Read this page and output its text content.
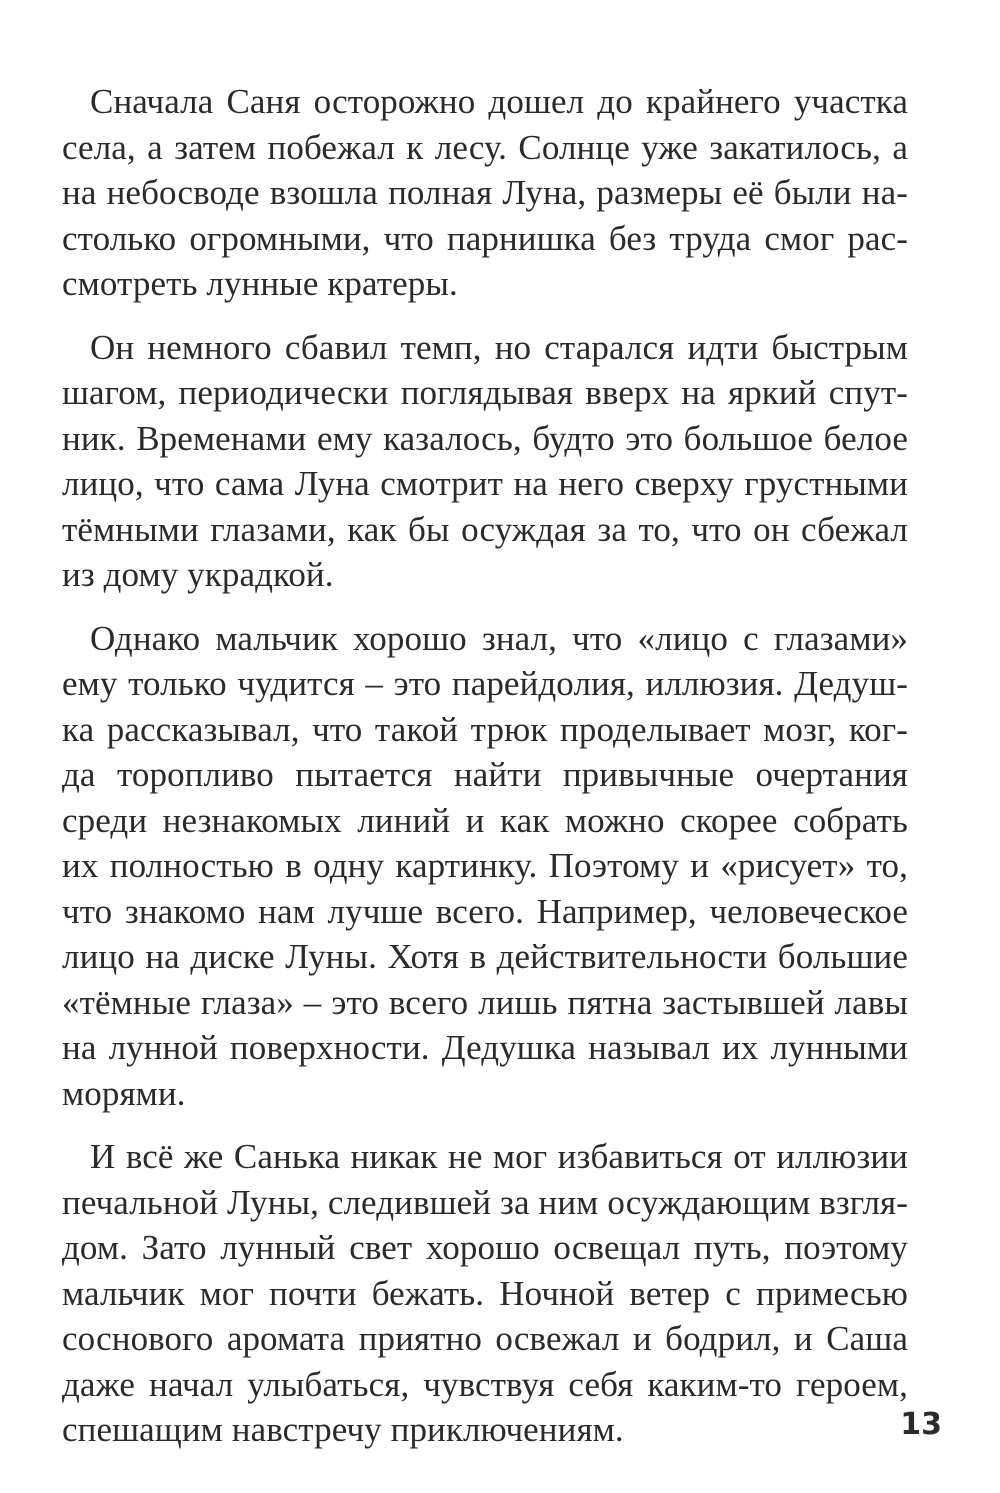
Сначала Саня осторожно дошел до крайнего участка
села, а затем побежал к лесу. Солнце уже закатилось, а
на небосводе взошла полная Луна, размеры её были на-
столько огромными, что парнишка без труда смог рас-
смотреть лунные кратеры.
Он немного сбавил темп, но старался идти быстрым
шагом, периодически поглядывая вверх на яркий спут-
ник. Временами ему казалось, будто это большое белое
лицо, что сама Луна смотрит на него сверху грустными
тёмными глазами, как бы осуждая за то, что он сбежал
из дому украдкой.
Однако мальчик хорошо знал, что «лицо с глазами»
ему только чудится – это парейдолия, иллюзия. Дедуш-
ка рассказывал, что такой трюк проделывает мозг, ког-
да торопливо пытается найти привычные очертания
среди незнакомых линий и как можно скорее собрать
их полностью в одну картинку. Поэтому и «рисует» то,
что знакомо нам лучше всего. Например, человеческое
лицо на диске Луны. Хотя в действительности большие
«тёмные глаза» – это всего лишь пятна застывшей лавы
на лунной поверхности. Дедушка называл их лунными
морями.
И всё же Санька никак не мог избавиться от иллюзии
печальной Луны, следившей за ним осуждающим взгля-
дом. Зато лунный свет хорошо освещал путь, поэтому
мальчик мог почти бежать. Ночной ветер с примесью
соснового аромата приятно освежал и бодрил, и Саша
даже начал улыбаться, чувствуя себя каким-то героем,
спешащим навстречу приключениям.	13
